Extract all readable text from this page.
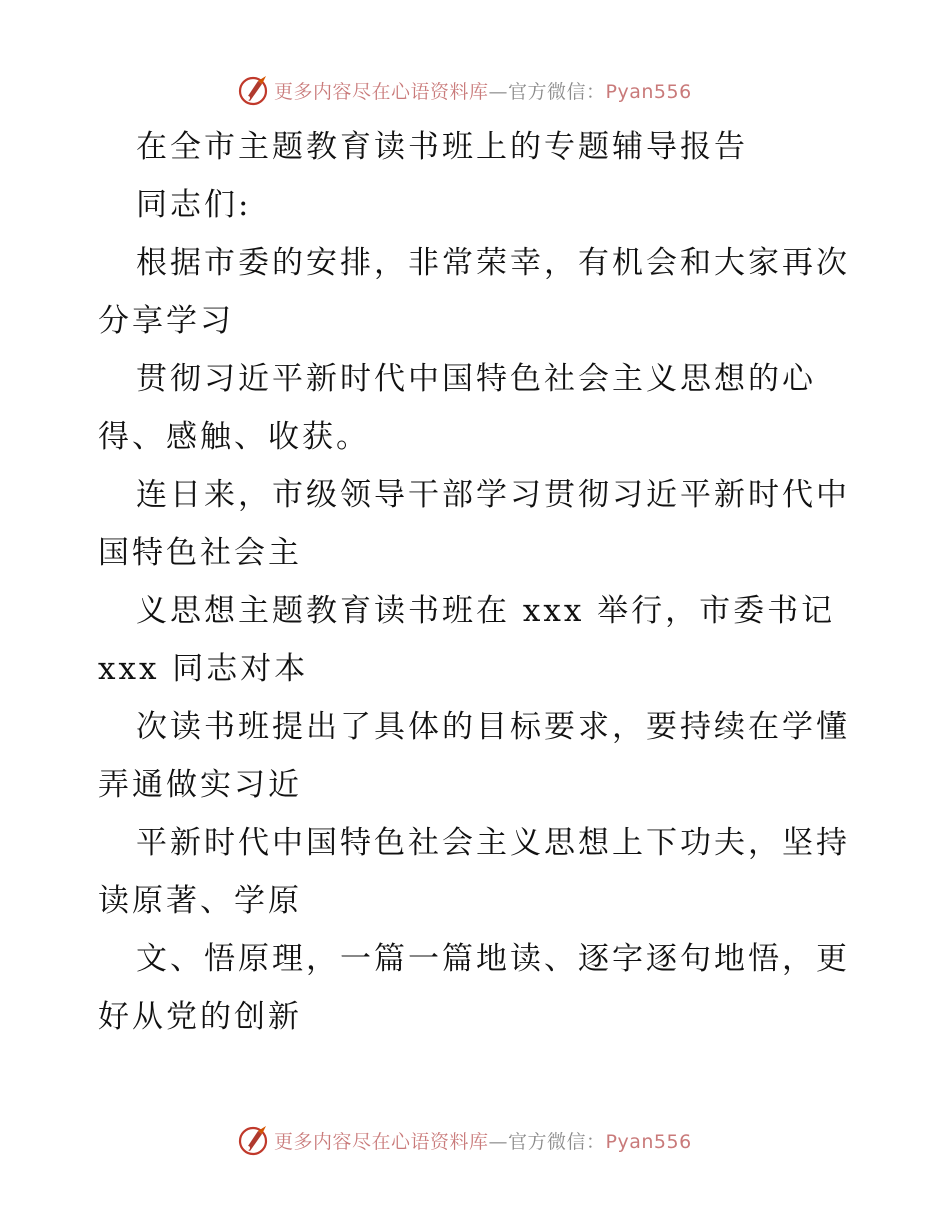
更多内容尽在心语资料库—官方微信：Pyan556
在全市主题教育读书班上的专题辅导报告
同志们:
根据市委的安排，非常荣幸，有机会和大家再次
分享学习
贯彻习近平新时代中国特色社会主义思想的心
得、感触、收获。
连日来，市级领导干部学习贯彻习近平新时代中
国特色社会主
义思想主题教育读书班在 xxx 举行，市委书记
xxx 同志对本
次读书班提出了具体的目标要求，要持续在学懂
弄通做实习近
平新时代中国特色社会主义思想上下功夫，坚持
读原著、学原
文、悟原理，一篇一篇地读、逐字逐句地悟，更
好从党的创新
更多内容尽在心语资料库—官方微信：Pyan556
